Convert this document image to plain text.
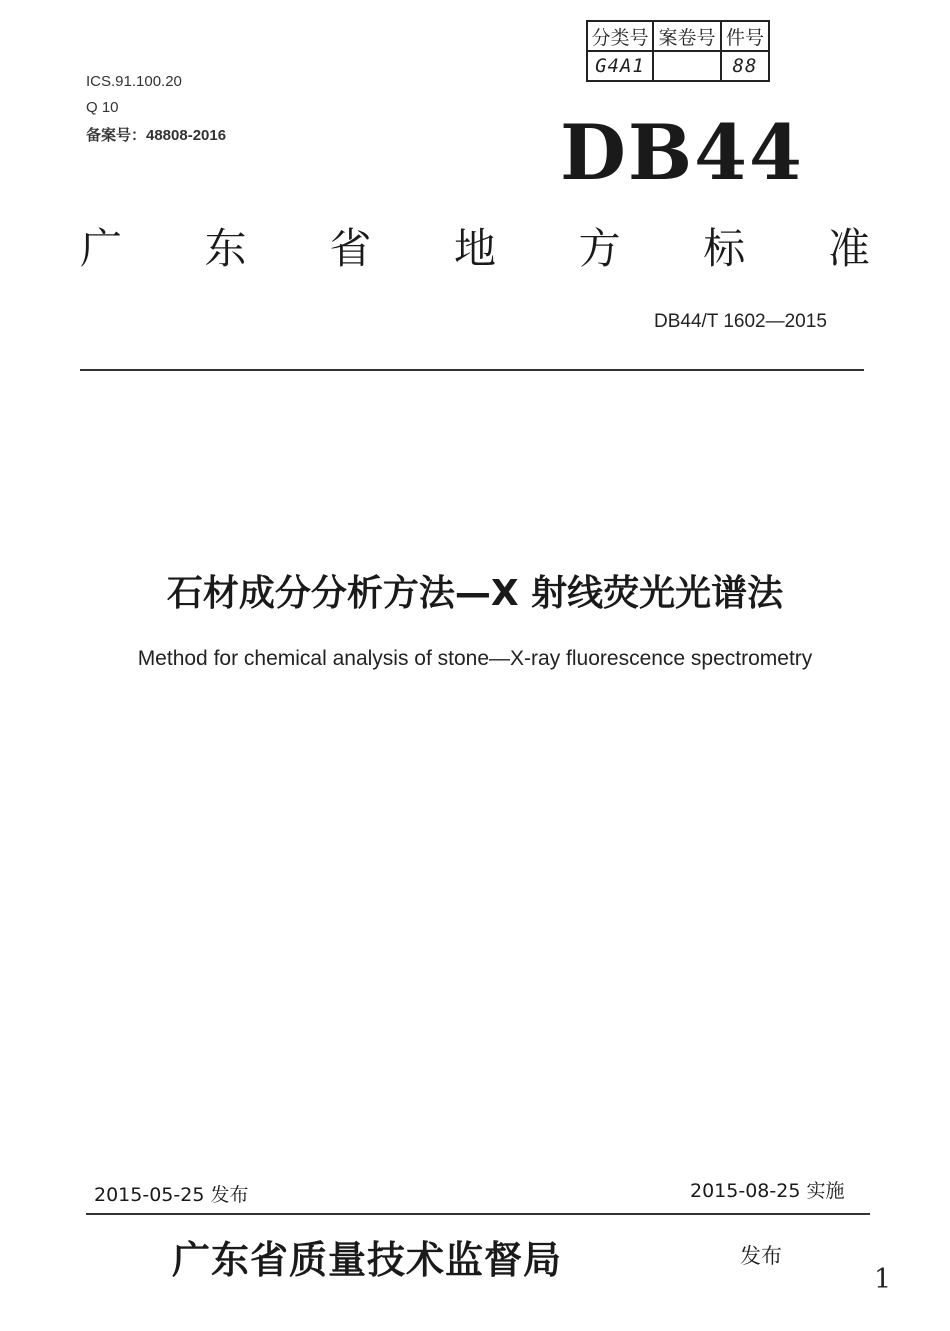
分类号	案卷号	件号
G4A1		88
ICS.91.100.20
Q 10
备案号：48808-2016	DB44
广 东 省 地 方 标 准
DB44/T 1602—2015
石材成分分析方法—X 射线荧光光谱法
Method for chemical analysis of stone—X-ray fluorescence spectrometry
2015-05-25 发布	2015-08-25 实施
广东省质量技术监督局	发布
1
